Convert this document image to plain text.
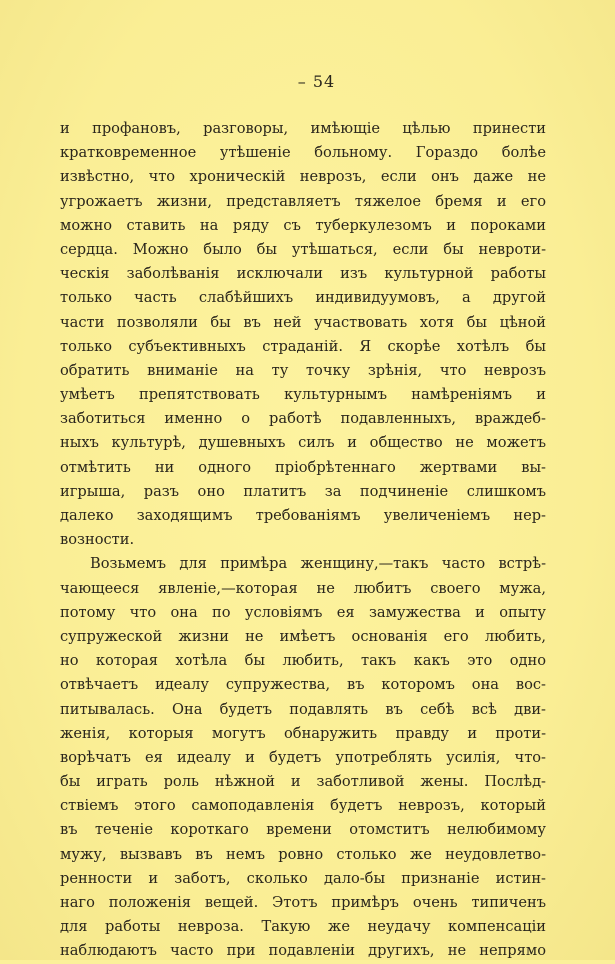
– 54

и профановъ, разговоры, имѣющіе цѣлью принести
кратковременное утѣшеніе больному. Гораздо болѣе
извѣстно, что хроническій неврозъ, если онъ даже не
угрожаетъ жизни, представляетъ тяжелое бремя и его
можно ставить на ряду съ туберкулезомъ и пороками
сердца. Можно было бы утѣшаться, если бы невроти-
ческія заболѣванія исключали изъ культурной работы
только часть слабѣйшихъ индивидуумовъ, а другой
части позволяли бы въ ней участвовать хотя бы цѣной
только субъективныхъ страданій. Я скорѣе хотѣлъ бы
обратить вниманіе на ту точку зрѣнія, что неврозъ
умѣетъ препятствовать культурнымъ намѣреніямъ и
заботиться именно о работѣ подавленныхъ, враждеб-
ныхъ культурѣ, душевныхъ силъ и общество не можетъ
отмѣтить ни одного пріобрѣтеннаго жертвами вы-
игрыша, разъ оно платитъ за подчиненіе слишкомъ
далеко заходящимъ требованіямъ увеличеніемъ нер-
возности.

Возьмемъ для примѣра женщину,—такъ часто встрѣ-
чающееся явленіе,—которая не любитъ своего мужа,
потому что она по условіямъ ея замужества и опыту
супружеской жизни не имѣетъ основанія его любить,
но которая хотѣла бы любить, такъ какъ это одно
отвѣчаетъ идеалу супружества, въ которомъ она вос-
питывалась. Она будетъ подавлять въ себѣ всѣ дви-
женія, которыя могутъ обнаружить правду и проти-
ворѣчатъ ея идеалу и будетъ употреблять усилія, что-
бы играть роль нѣжной и заботливой жены. Послѣд-
ствіемъ этого самоподавленія будетъ неврозъ, который
въ теченіе короткаго времени отомститъ нелюбимому
мужу, вызвавъ въ немъ ровно столько же неудовлетво-
ренности и заботъ, сколько дало-бы признаніе истин-
наго положенія вещей. Этотъ примѣръ очень типиченъ
для работы невроза. Такую же неудачу компенсаціи
наблюдаютъ часто при подавленіи другихъ, не непрямо
